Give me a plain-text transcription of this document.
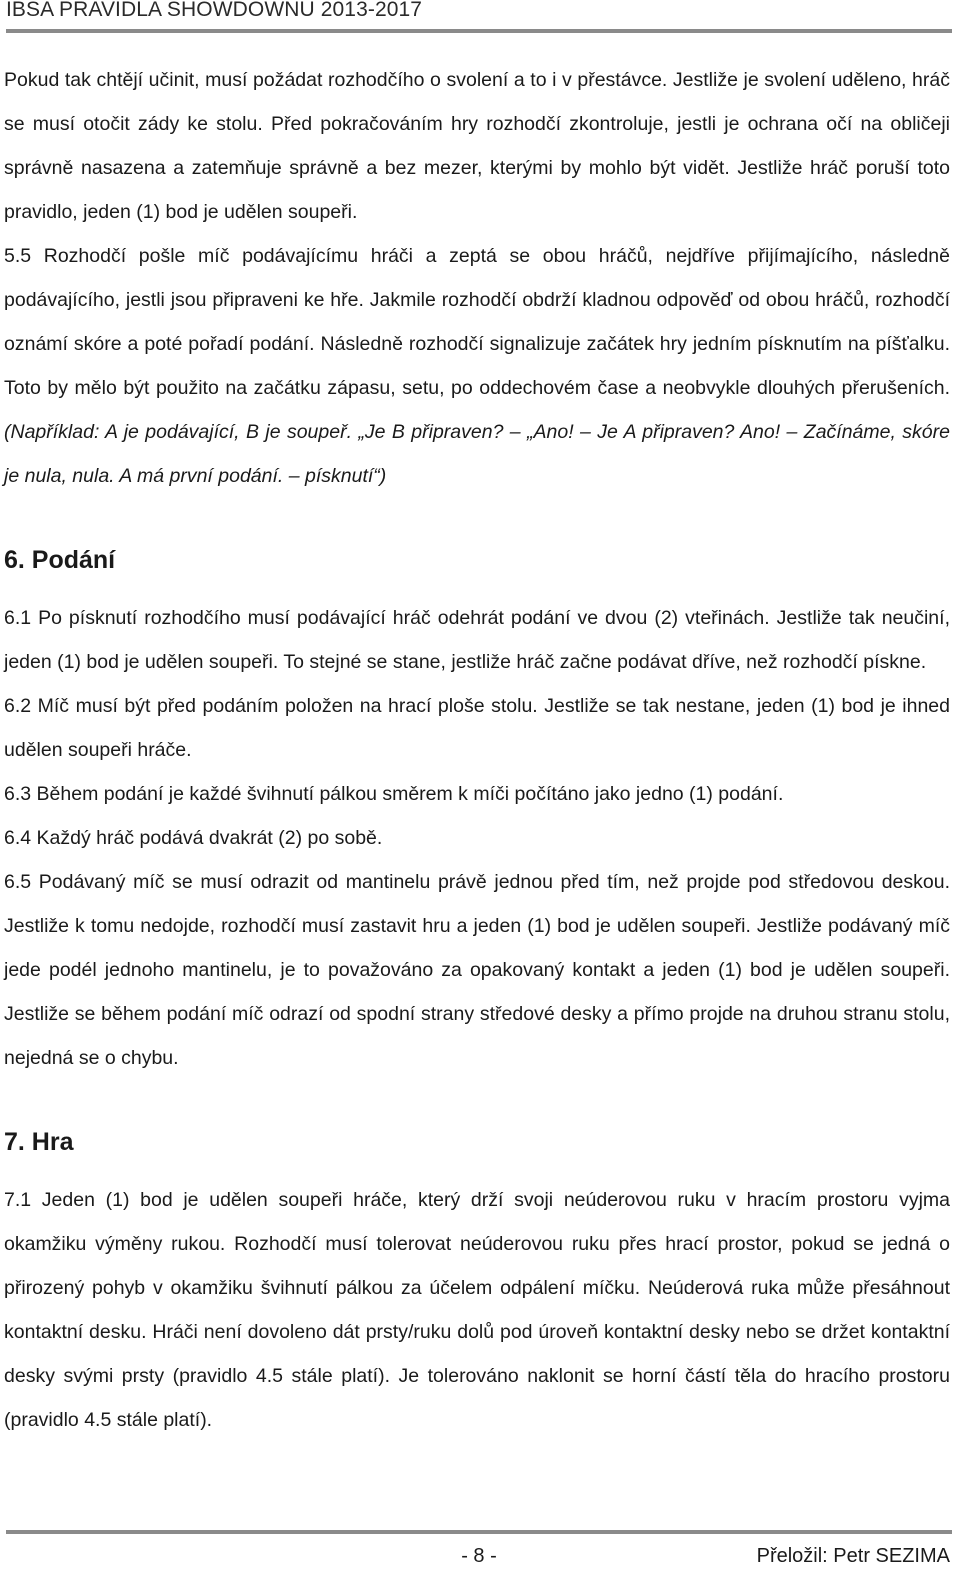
IBSA PRAVIDLA SHOWDOWNU 2013-2017

Pokud tak chtějí učinit, musí požádat rozhodčího o svolení a to i v přestávce. Jestliže je svolení uděleno, hráč se musí otočit zády ke stolu. Před pokračováním hry rozhodčí zkontroluje, jestli je ochrana očí na obličeji správně nasazena a zatemňuje správně a bez mezer, kterými by mohlo být vidět. Jestliže hráč poruší toto pravidlo, jeden (1) bod je udělen soupeři.

5.5 Rozhodčí pošle míč podávajícímu hráči a zeptá se obou hráčů, nejdříve přijímajícího, následně podávajícího, jestli jsou připraveni ke hře. Jakmile rozhodčí obdrží kladnou odpověď od obou hráčů, rozhodčí oznámí skóre a poté pořadí podání. Následně rozhodčí signalizuje začátek hry jedním písknutím na píšťalku. Toto by mělo být použito na začátku zápasu, setu, po oddechovém čase a neobvykle dlouhých přerušeních. (Například: A je podávající, B je soupeř. „Je B připraven? – „Ano! – Je A připraven? Ano! – Začínáme, skóre je nula, nula. A má první podání. – písknutí“)

6. Podání

6.1 Po písknutí rozhodčího musí podávající hráč odehrát podání ve dvou (2) vteřinách. Jestliže tak neučiní, jeden (1) bod je udělen soupeři. To stejné se stane, jestliže hráč začne podávat dříve, než rozhodčí pískne.

6.2 Míč musí být před podáním položen na hrací ploše stolu. Jestliže se tak nestane, jeden (1) bod je ihned udělen soupeři hráče.

6.3 Během podání je každé švihnutí pálkou směrem k míči počítáno jako jedno (1) podání.

6.4 Každý hráč podává dvakrát (2) po sobě.

6.5 Podávaný míč se musí odrazit od mantinelu právě jednou před tím, než projde pod středovou deskou. Jestliže k tomu nedojde, rozhodčí musí zastavit hru a jeden (1) bod je udělen soupeři. Jestliže podávaný míč jede podél jednoho mantinelu, je to považováno za opakovaný kontakt a jeden (1) bod je udělen soupeři. Jestliže se během podání míč odrazí od spodní strany středové desky a přímo projde na druhou stranu stolu, nejedná se o chybu.

7. Hra

7.1 Jeden (1) bod je udělen soupeři hráče, který drží svoji neúderovou ruku v hracím prostoru vyjma okamžiku výměny rukou. Rozhodčí musí tolerovat neúderovou ruku přes hrací prostor, pokud se jedná o přirozený pohyb v okamžiku švihnutí pálkou za účelem odpálení míčku. Neúderová ruka může přesáhnout kontaktní desku. Hráči není dovoleno dát prsty/ruku dolů pod úroveň kontaktní desky nebo se držet kontaktní desky svými prsty (pravidlo 4.5 stále platí). Je tolerováno naklonit se horní částí těla do hracího prostoru (pravidlo 4.5 stále platí).

- 8 -	Přeložil: Petr SEZIMA
